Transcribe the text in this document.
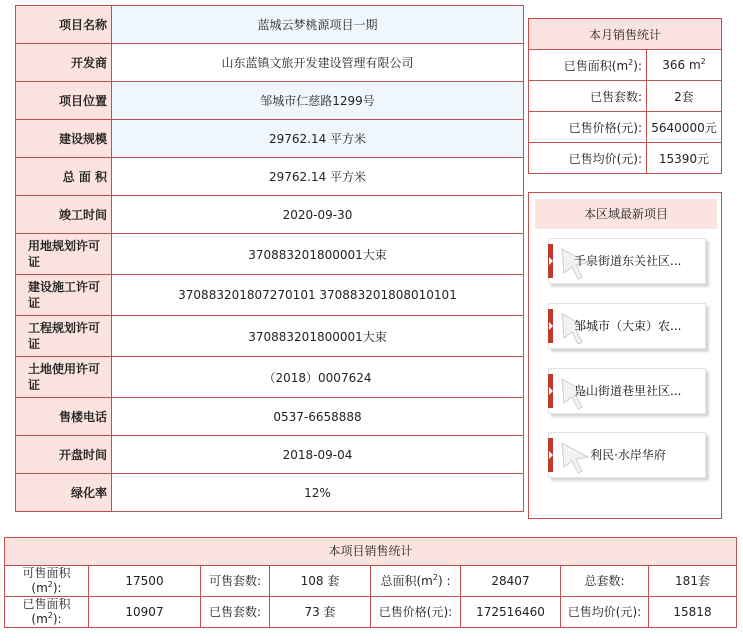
项目名称	蓝城云梦桃源项目一期
开发商	山东蓝镇文旅开发建设管理有限公司
项目位置	邹城市仁慈路1299号
建设规模	29762.14 平方米
总 面 积	29762.14 平方米
竣工时间	2020-09-30
用地规划许可证	370883201800001大束
建设施工许可证	370883201807270101 370883201808010101
工程规划许可证	370883201800001大束
土地使用许可证	（2018）0007624
售楼电话	0537-6658888
开盘时间	2018-09-04
绿化率	12%
本月销售统计	
已售面积$(m^2)$:	366 $m^2$
已售套数:	2套
已售价格(元):	5640000元
已售均价(元):	15390元
本区域最新项目
千泉街道东关社区...
邹城市（大束）农...
凫山街道巷里社区...
利民·水岸华府
本项目销售统计							
可售面积
$(m^2)$:	17500	可售套数:	108 套	总面积$(m^2)$ :	28407	总套数:	181套
已售面积
$(m^2)$:	10907	已售套数:	73 套	已售价格(元):	172516460	已售均价(元):	15818
